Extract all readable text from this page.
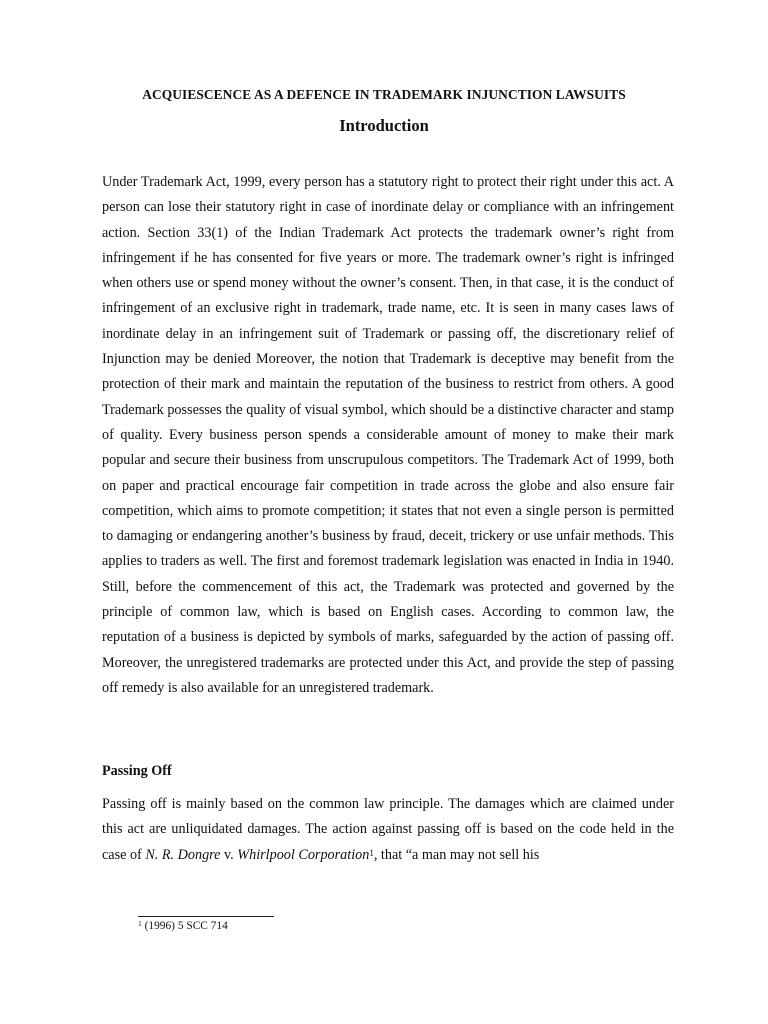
ACQUIESCENCE AS A DEFENCE IN TRADEMARK INJUNCTION LAWSUITS
Introduction

Under Trademark Act, 1999, every person has a statutory right to protect their right under this act. A person can lose their statutory right in case of inordinate delay or compliance with an infringement action. Section 33(1) of the Indian Trademark Act protects the trademark owner’s right from infringement if he has consented for five years or more. The trademark owner’s right is infringed when others use or spend money without the owner’s consent. Then, in that case, it is the conduct of infringement of an exclusive right in trademark, trade name, etc. It is seen in many cases laws of inordinate delay in an infringement suit of Trademark or passing off, the discretionary relief of Injunction may be denied Moreover, the notion that Trademark is deceptive may benefit from the protection of their mark and maintain the reputation of the business to restrict from others. A good Trademark possesses the quality of visual symbol, which should be a distinctive character and stamp of quality. Every business person spends a considerable amount of money to make their mark popular and secure their business from unscrupulous competitors. The Trademark Act of 1999, both on paper and practical encourage fair competition in trade across the globe and also ensure fair competition, which aims to promote competition; it states that not even a single person is permitted to damaging or endangering another’s business by fraud, deceit, trickery or use unfair methods. This applies to traders as well. The first and foremost trademark legislation was enacted in India in 1940. Still, before the commencement of this act, the Trademark was protected and governed by the principle of common law, which is based on English cases. According to common law, the reputation of a business is depicted by symbols of marks, safeguarded by the action of passing off. Moreover, the unregistered trademarks are protected under this Act, and provide the step of passing off remedy is also available for an unregistered trademark.

Passing Off

Passing off is mainly based on the common law principle. The damages which are claimed under this act are unliquidated damages. The action against passing off is based on the code held in the case of N. R. Dongre v. Whirlpool Corporation$^1$, that “a man may not sell his

$^1$ (1996) 5 SCC 714
